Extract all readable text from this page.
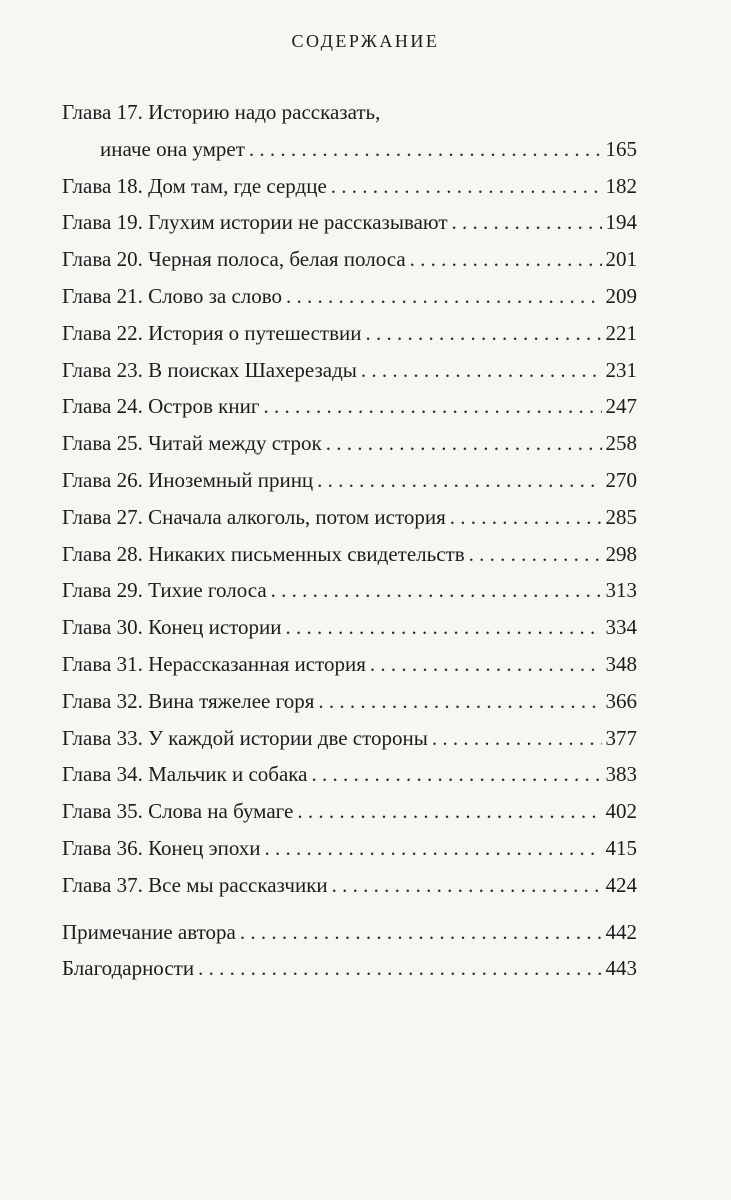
СОДЕРЖАНИЕ
Глава 17. Историю надо рассказать,
иначе она умрет . . .	165
Глава 18. Дом там, где сердце . . .	182
Глава 19. Глухим истории не рассказывают . . .	194
Глава 20. Черная полоса, белая полоса . . .	201
Глава 21. Слово за слово . . .	209
Глава 22. История о путешествии . . .	221
Глава 23. В поисках Шахерезады . . .	231
Глава 24. Остров книг . . .	247
Глава 25. Читай между строк . . .	258
Глава 26. Иноземный принц . . .	270
Глава 27. Сначала алкоголь, потом история . . .	285
Глава 28. Никаких письменных свидетельств . . .	298
Глава 29. Тихие голоса . . .	313
Глава 30. Конец истории . . .	334
Глава 31. Нерассказанная история . . .	348
Глава 32. Вина тяжелее горя . . .	366
Глава 33. У каждой истории две стороны . . .	377
Глава 34. Мальчик и собака . . .	383
Глава 35. Слова на бумаге . . .	402
Глава 36. Конец эпохи . . .	415
Глава 37. Все мы рассказчики . . .	424
Примечание автора . . .	442
Благодарности . . .	443
